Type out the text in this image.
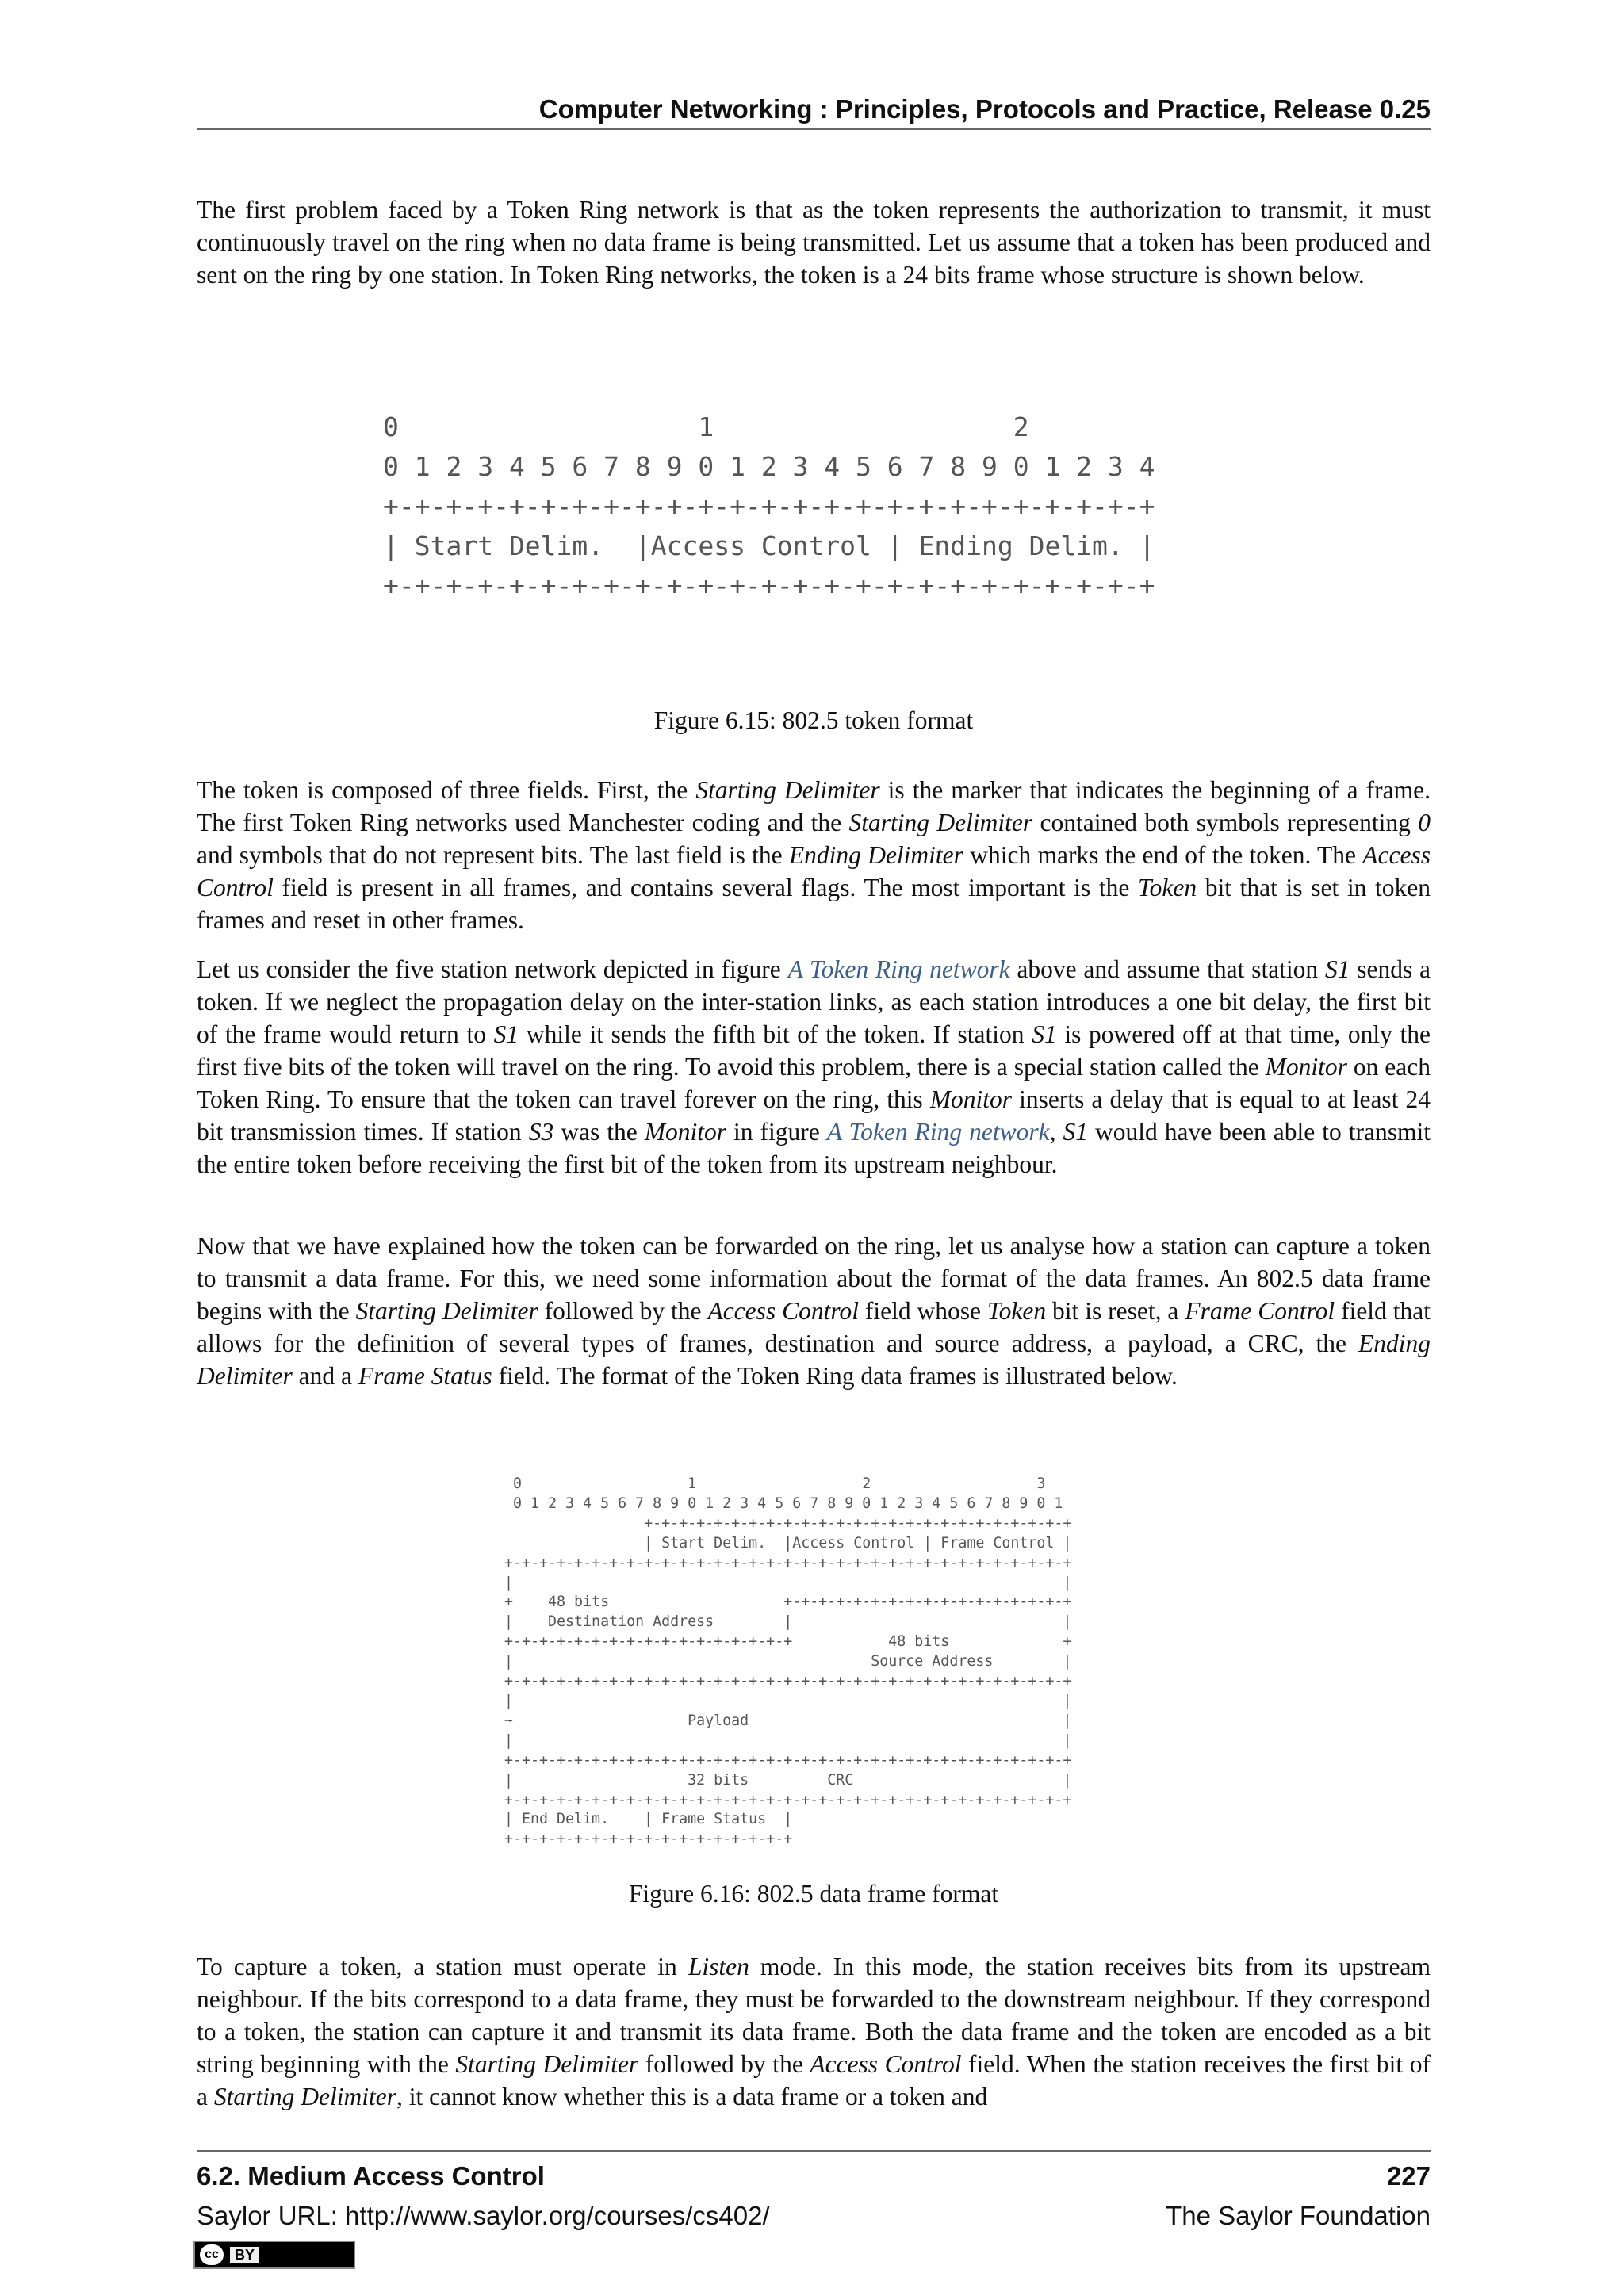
Computer Networking : Principles, Protocols and Practice, Release 0.25

The first problem faced by a Token Ring network is that as the token represents the authorization to transmit, it must continuously travel on the ring when no data frame is being transmitted. Let us assume that a token has been produced and sent on the ring by one station. In Token Ring networks, the token is a 24 bits frame whose structure is shown below.

0                   1                   2
0 1 2 3 4 5 6 7 8 9 0 1 2 3 4 5 6 7 8 9 0 1 2 3 4
+-+-+-+-+-+-+-+-+-+-+-+-+-+-+-+-+-+-+-+-+-+-+-+-+
| Start Delim.  |Access Control | Ending Delim. |
+-+-+-+-+-+-+-+-+-+-+-+-+-+-+-+-+-+-+-+-+-+-+-+-+
Figure 6.15: 802.5 token format

The token is composed of three fields. First, the Starting Delimiter is the marker that indicates the beginning of a frame. The first Token Ring networks used Manchester coding and the Starting Delimiter contained both symbols representing 0 and symbols that do not represent bits. The last field is the Ending Delimiter which marks the end of the token. The Access Control field is present in all frames, and contains several flags. The most important is the Token bit that is set in token frames and reset in other frames.

Let us consider the five station network depicted in figure A Token Ring network above and assume that station S1 sends a token. If we neglect the propagation delay on the inter-station links, as each station introduces a one bit delay, the first bit of the frame would return to S1 while it sends the fifth bit of the token. If station S1 is powered off at that time, only the first five bits of the token will travel on the ring. To avoid this problem, there is a special station called the Monitor on each Token Ring. To ensure that the token can travel forever on the ring, this Monitor inserts a delay that is equal to at least 24 bit transmission times. If station S3 was the Monitor in figure A Token Ring network, S1 would have been able to transmit the entire token before receiving the first bit of the token from its upstream neighbour.

Now that we have explained how the token can be forwarded on the ring, let us analyse how a station can capture a token to transmit a data frame. For this, we need some information about the format of the data frames. An 802.5 data frame begins with the Starting Delimiter followed by the Access Control field whose Token bit is reset, a Frame Control field that allows for the definition of several types of frames, destination and source address, a payload, a CRC, the Ending Delimiter and a Frame Status field. The format of the Token Ring data frames is illustrated below.

0                   1                   2                   3
0 1 2 3 4 5 6 7 8 9 0 1 2 3 4 5 6 7 8 9 0 1 2 3 4 5 6 7 8 9 0 1
+-+-+-+-+-+-+-+-+-+-+-+-+-+-+-+-+-+-+-+-+-+-+-+-+
| Start Delim.  |Access Control | Frame Control |
+-+-+-+-+-+-+-+-+-+-+-+-+-+-+-+-+-+-+-+-+-+-+-+-+-+-+-+-+-+-+-+-+
|                                                               |
+    48 bits                    +-+-+-+-+-+-+-+-+-+-+-+-+-+-+-+-+
|    Destination Address        |                               |
+-+-+-+-+-+-+-+-+-+-+-+-+-+-+-+-+           48 bits             +
|                                         Source Address        |
+-+-+-+-+-+-+-+-+-+-+-+-+-+-+-+-+-+-+-+-+-+-+-+-+-+-+-+-+-+-+-+-+
|                                                               |
~                    Payload                                    |
|                                                               |
+-+-+-+-+-+-+-+-+-+-+-+-+-+-+-+-+-+-+-+-+-+-+-+-+-+-+-+-+-+-+-+-+
|                    32 bits         CRC                        |
+-+-+-+-+-+-+-+-+-+-+-+-+-+-+-+-+-+-+-+-+-+-+-+-+-+-+-+-+-+-+-+-+
| End Delim.    | Frame Status  |
+-+-+-+-+-+-+-+-+-+-+-+-+-+-+-+-+
Figure 6.16: 802.5 data frame format

To capture a token, a station must operate in Listen mode. In this mode, the station receives bits from its upstream neighbour. If the bits correspond to a data frame, they must be forwarded to the downstream neighbour. If they correspond to a token, the station can capture it and transmit its data frame. Both the data frame and the token are encoded as a bit string beginning with the Starting Delimiter followed by the Access Control field. When the station receives the first bit of a Starting Delimiter, it cannot know whether this is a data frame or a token and

6.2. Medium Access Control	227
Saylor URL: http://www.saylor.org/courses/cs402/	The Saylor Foundation
cc	BY
